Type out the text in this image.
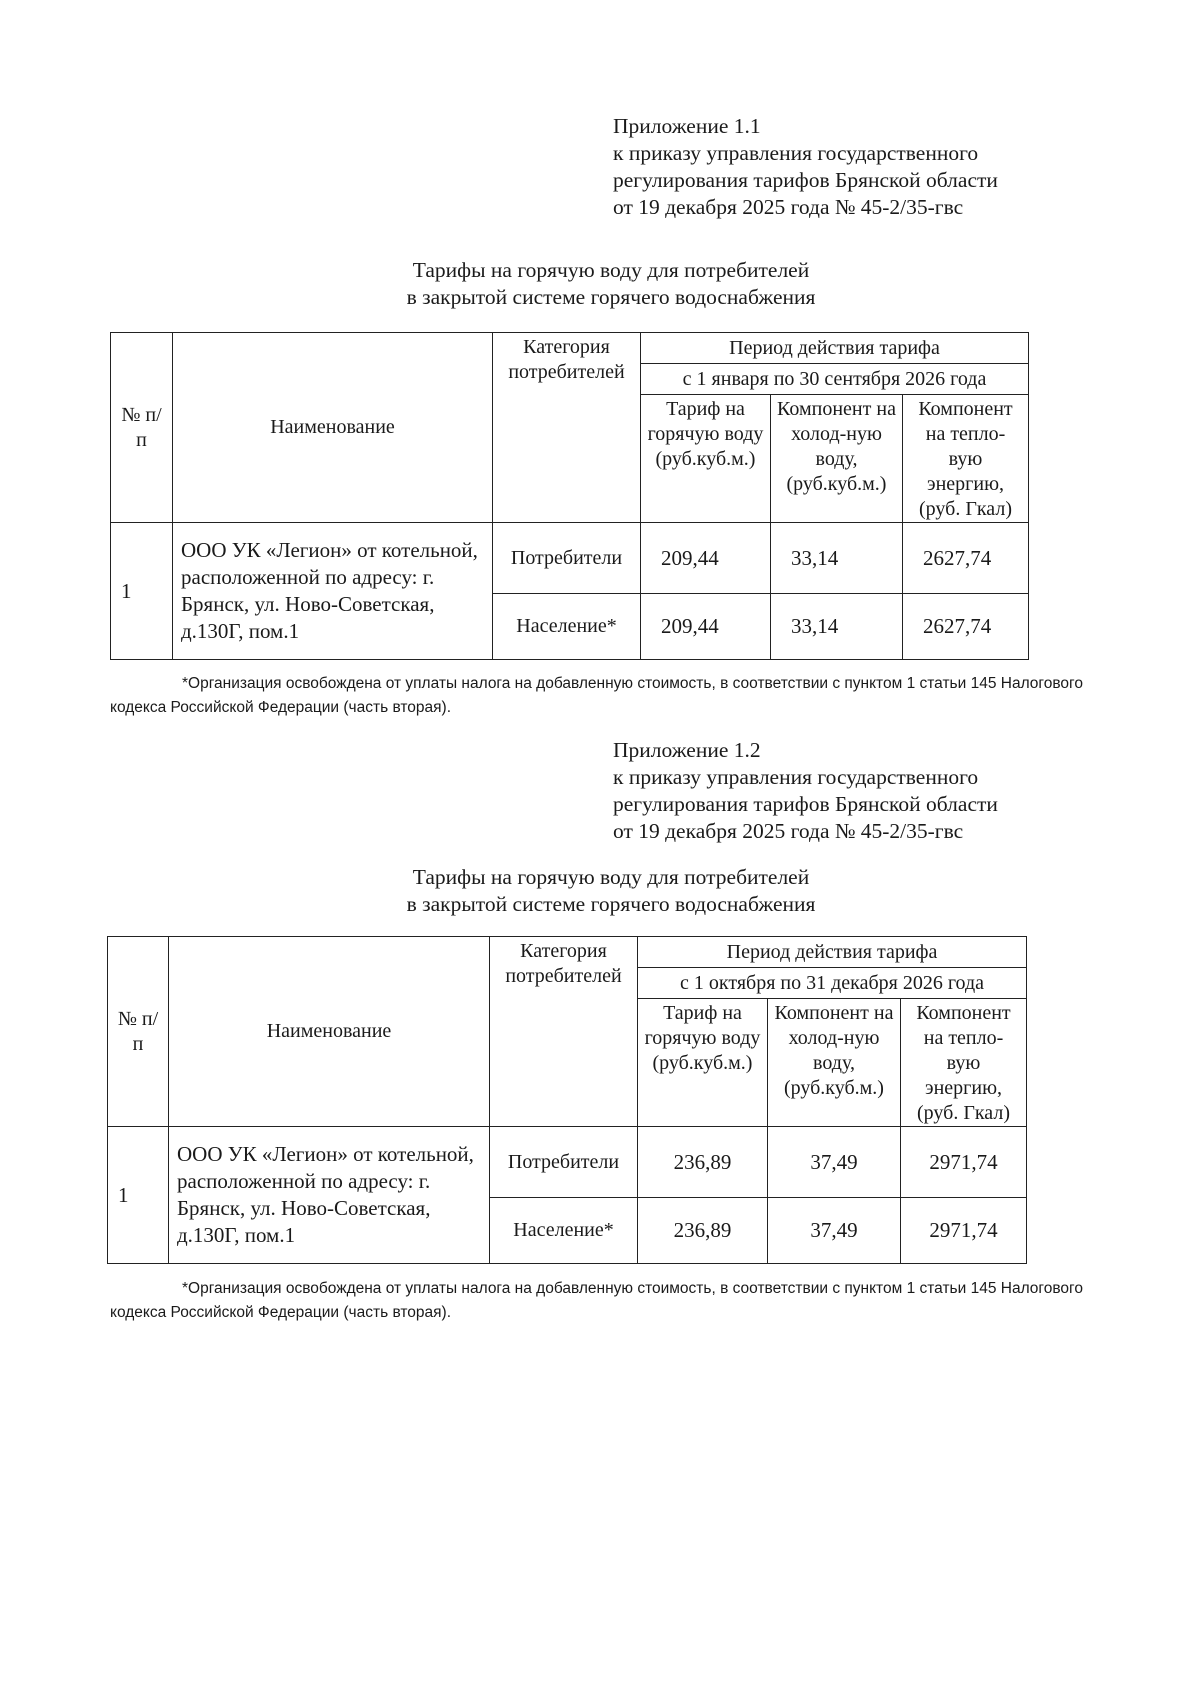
Приложение 1.1
к приказу управления государственного
регулирования тарифов Брянской области
от 19 декабря 2025 года № 45-2/35-гвс
Тарифы на горячую воду для потребителей
в закрытой системе горячего водоснабжения
№ п/п	Наименование	Категория потребителей	Период действия тарифа		
			с 1 января по 30 сентября 2026 года		
			Тариф на горячую воду (руб.куб.м.)	Компонент на холод-ную воду, (руб.куб.м.)	Компонент на тепло-вую энергию, (руб. Гкал)
1	ООО УК «Легион» от котельной, расположенной по адресу: г. Брянск, ул. Ново-Советская, д.130Г, пом.1	Потребители	209,44	33,14	2627,74
		Население*	209,44	33,14	2627,74
*Организация освобождена от уплаты налога на добавленную стоимость, в соответствии с пунктом 1 статьи 145 Налогового кодекса Российской Федерации (часть вторая).
Приложение 1.2
к приказу управления государственного
регулирования тарифов Брянской области
от 19 декабря 2025 года № 45-2/35-гвс
Тарифы на горячую воду для потребителей
в закрытой системе горячего водоснабжения
№ п/п	Наименование	Категория потребителей	Период действия тарифа		
			с 1 октября по 31 декабря 2026 года		
			Тариф на горячую воду (руб.куб.м.)	Компонент на холод-ную воду, (руб.куб.м.)	Компонент на тепло-вую энергию, (руб. Гкал)
1	ООО УК «Легион» от котельной, расположенной по адресу: г. Брянск, ул. Ново-Советская, д.130Г, пом.1	Потребители	236,89	37,49	2971,74
		Население*	236,89	37,49	2971,74
*Организация освобождена от уплаты налога на добавленную стоимость, в соответствии с пунктом 1 статьи 145 Налогового кодекса Российской Федерации (часть вторая).
